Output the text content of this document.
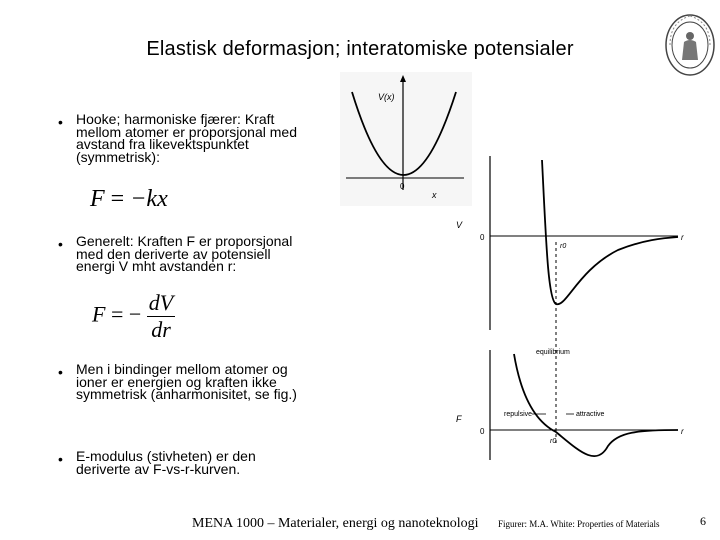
Elastisk deformasjon; interatomiske potensialer
• Hooke; harmoniske fjærer: Kraft
mellom atomer er proporsjonal med
avstand fra likevektspunktet
(symmetrisk):
F = −kx
• Generelt: Kraften F er proporsjonal
med den deriverte av potensiell
energi V mht avstanden r:
F = − $\frac{dV}{dr}$
• Men i bindinger mellom atomer og
ioner er energien og kraften ikke
symmetrisk (anharmonisitet, se fig.)
• E-modulus (stivheten) er den
deriverte av F-vs-r-kurven.
V(x)
0
x
V
0	r
r0
equilibrium
F
0	r
r0
repulsive	attractive
MENA 1000 – Materialer, energi og nanoteknologi Figurer: M.A. White: Properties of Materials	6
